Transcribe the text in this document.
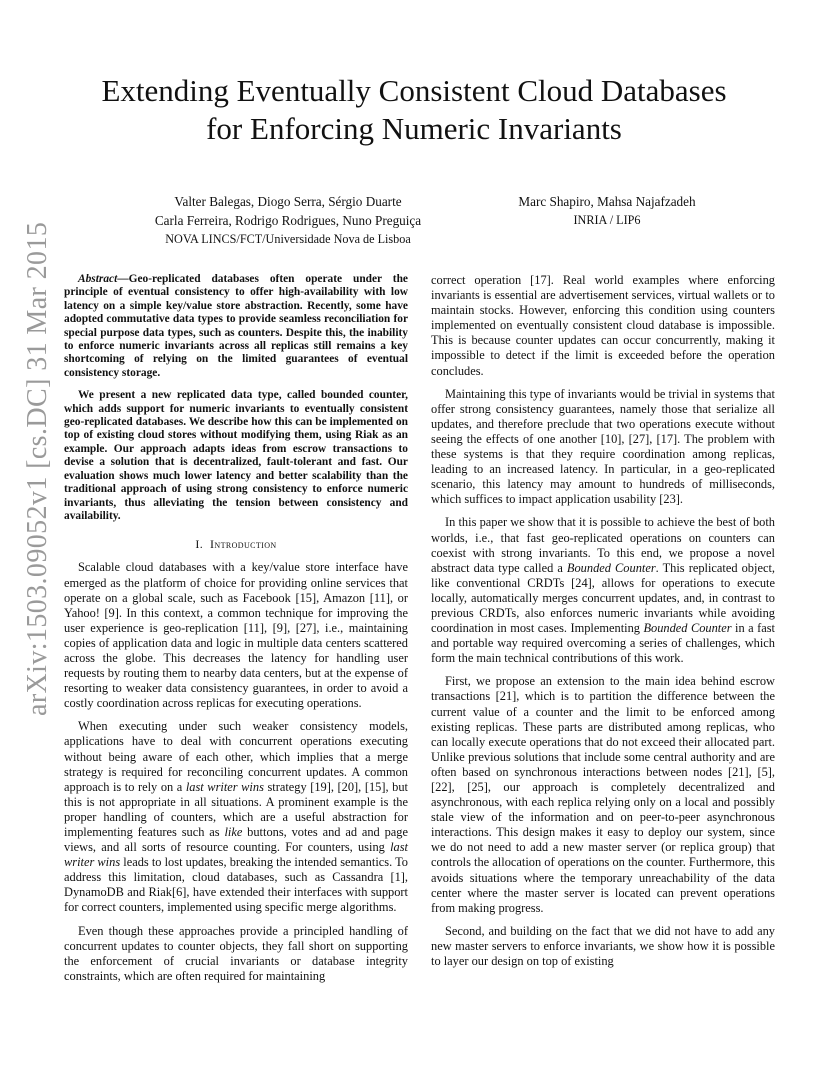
arXiv:1503.09052v1 [cs.DC] 31 Mar 2015
Extending Eventually Consistent Cloud Databases
for Enforcing Numeric Invariants
Valter Balegas, Diogo Serra, Sérgio Duarte
Carla Ferreira, Rodrigo Rodrigues, Nuno Preguiça
NOVA LINCS/FCT/Universidade Nova de Lisboa
Marc Shapiro, Mahsa Najafzadeh
INRIA / LIP6

Abstract—Geo-replicated databases often operate under the principle of eventual consistency to offer high-availability with low latency on a simple key/value store abstraction. Recently, some have adopted commutative data types to provide seamless reconciliation for special purpose data types, such as counters. Despite this, the inability to enforce numeric invariants across all replicas still remains a key shortcoming of relying on the limited guarantees of eventual consistency storage.

We present a new replicated data type, called bounded counter, which adds support for numeric invariants to eventually consistent geo-replicated databases. We describe how this can be implemented on top of existing cloud stores without modifying them, using Riak as an example. Our approach adapts ideas from escrow transactions to devise a solution that is decentralized, fault-tolerant and fast. Our evaluation shows much lower latency and better scalability than the traditional approach of using strong consistency to enforce numeric invariants, thus alleviating the tension between consistency and availability.

I. Introduction

Scalable cloud databases with a key/value store interface have emerged as the platform of choice for providing online services that operate on a global scale, such as Facebook [15], Amazon [11], or Yahoo! [9]. In this context, a common technique for improving the user experience is geo-replication [11], [9], [27], i.e., maintaining copies of application data and logic in multiple data centers scattered across the globe. This decreases the latency for handling user requests by routing them to nearby data centers, but at the expense of resorting to weaker data consistency guarantees, in order to avoid a costly coordination across replicas for executing operations.

When executing under such weaker consistency models, applications have to deal with concurrent operations executing without being aware of each other, which implies that a merge strategy is required for reconciling concurrent updates. A common approach is to rely on a last writer wins strategy [19], [20], [15], but this is not appropriate in all situations. A prominent example is the proper handling of counters, which are a useful abstraction for implementing features such as like buttons, votes and ad and page views, and all sorts of resource counting. For counters, using last writer wins leads to lost updates, breaking the intended semantics. To address this limitation, cloud databases, such as Cassandra [1], DynamoDB and Riak[6], have extended their interfaces with support for correct counters, implemented using specific merge algorithms.

Even though these approaches provide a principled handling of concurrent updates to counter objects, they fall short on supporting the enforcement of crucial invariants or database integrity constraints, which are often required for maintaining

correct operation [17]. Real world examples where enforcing invariants is essential are advertisement services, virtual wallets or to maintain stocks. However, enforcing this condition using counters implemented on eventually consistent cloud database is impossible. This is because counter updates can occur concurrently, making it impossible to detect if the limit is exceeded before the operation concludes.

Maintaining this type of invariants would be trivial in systems that offer strong consistency guarantees, namely those that serialize all updates, and therefore preclude that two operations execute without seeing the effects of one another [10], [27], [17]. The problem with these systems is that they require coordination among replicas, leading to an increased latency. In particular, in a geo-replicated scenario, this latency may amount to hundreds of milliseconds, which suffices to impact application usability [23].

In this paper we show that it is possible to achieve the best of both worlds, i.e., that fast geo-replicated operations on counters can coexist with strong invariants. To this end, we propose a novel abstract data type called a Bounded Counter. This replicated object, like conventional CRDTs [24], allows for operations to execute locally, automatically merges concurrent updates, and, in contrast to previous CRDTs, also enforces numeric invariants while avoiding coordination in most cases. Implementing Bounded Counter in a fast and portable way required overcoming a series of challenges, which form the main technical contributions of this work.

First, we propose an extension to the main idea behind escrow transactions [21], which is to partition the difference between the current value of a counter and the limit to be enforced among existing replicas. These parts are distributed among replicas, who can locally execute operations that do not exceed their allocated part. Unlike previous solutions that include some central authority and are often based on synchronous interactions between nodes [21], [5], [22], [25], our approach is completely decentralized and asynchronous, with each replica relying only on a local and possibly stale view of the information and on peer-to-peer asynchronous interactions. This design makes it easy to deploy our system, since we do not need to add a new master server (or replica group) that controls the allocation of operations on the counter. Furthermore, this avoids situations where the temporary unreachability of the data center where the master server is located can prevent operations from making progress.

Second, and building on the fact that we did not have to add any new master servers to enforce invariants, we show how it is possible to layer our design on top of existing
